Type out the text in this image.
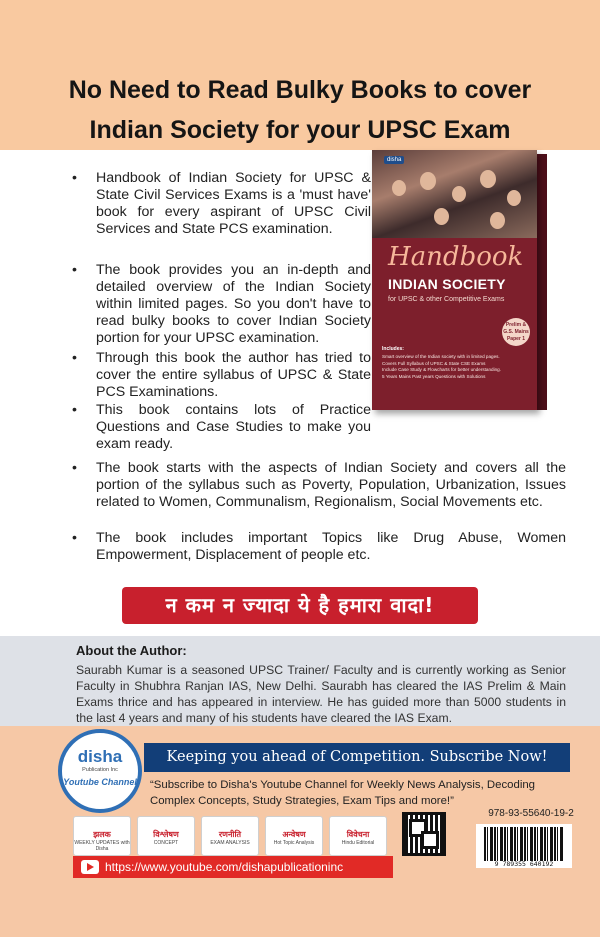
No Need to Read Bulky Books to cover
Indian Society for your UPSC Exam
• Handbook of Indian Society for UPSC & State Civil Services Exams is a 'must have' book for every aspirant of UPSC Civil Services and State PCS examination.
• The book provides you an in-depth and detailed overview of the Indian Society within limited pages. So you don't have to read bulky books to cover Indian Society portion for your UPSC examination.
• Through this book the author has tried to cover the entire syllabus of UPSC & State PCS Examinations.
• This book contains lots of Practice Questions and Case Studies to make you exam ready.
• The book starts with the aspects of Indian Society and covers all the portion of the syllabus such as Poverty, Population, Urbanization, Issues related to Women, Communalism, Regionalism, Social Movements etc.
• The book includes important Topics like Drug Abuse, Women Empowerment, Displacement of people etc.
disha
Handbook
INDIAN SOCIETY
for UPSC & other Competitive Exams
Prelim & G.S. Mains Paper 1
Includes:
Smart overview of the Indian society with in limited pages.
Covers Full Syllabus of UPSC & State CSE Exams
Include Case Study & Flowcharts for better understanding.
5 Years Mains Past years Questions with Solutions
न कम न ज्यादा ये है हमारा वादा!
About the Author:
Saurabh Kumar is a seasoned UPSC Trainer/ Faculty and is currently working as Senior Faculty in Shubhra Ranjan IAS, New Delhi. Saurabh has cleared the IAS Prelim & Main Exams thrice and has appeared in interview. He has guided more than 5000 students in the last 4 years and many of his students have cleared the IAS Exam.
disha
Publication Inc
Youtube Channel
Keeping you ahead of Competition. Subscribe Now!
“Subscribe to Disha's Youtube Channel for Weekly News Analysis, Decoding Complex Concepts, Study Strategies, Exam Tips and more!”
झलक
WEEKLY UPDATES with Disha
विश्लेषण
CONCEPT
रणनीति
EXAM ANALYSIS
अन्वेषण
Hot Topic Analysis
विवेचना
Hindu Editorial
https://www.youtube.com/dishapublicationinc
978-93-55640-19-2
9 789355 640192
